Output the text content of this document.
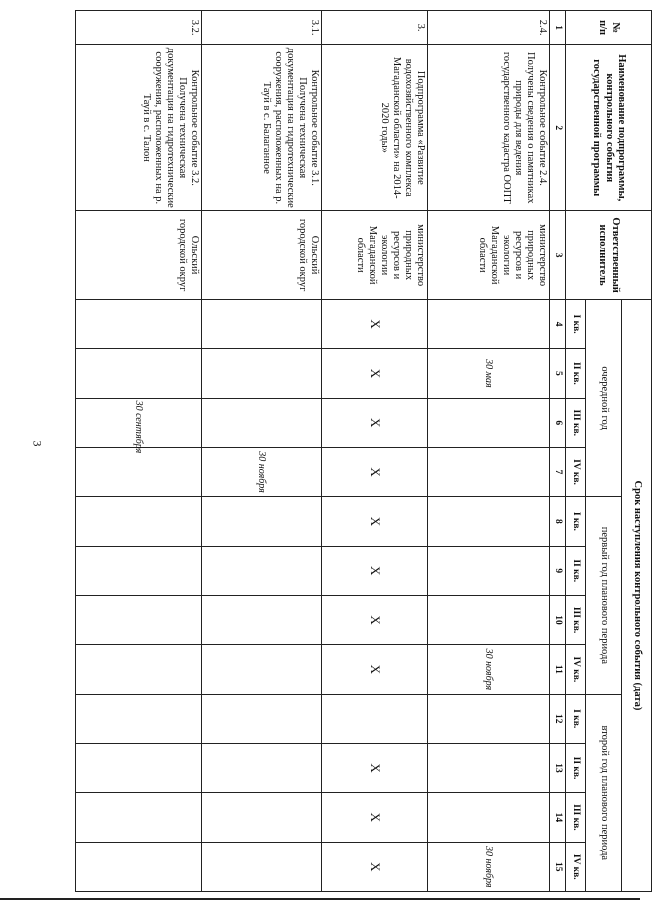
3
№
п/п	Наименование подпрограммы, контрольного события государственной программы	Ответственный исполнитель	Срок наступления контрольного события (дата)											
			очередной год				первый год планового периода				второй год планового периода			
			I кв.	II кв.	III кв.	IV кв.	I кв.	II кв.	III кв.	IV кв.	I кв.	II кв.	III кв.	IV кв.
1	2	3	4	5	6	7	8	9	10	11	12	13	14	15
2.4.	Контрольное событие 2.4. Получены сведения о памятниках природы для ведения государственного кадастра ООПТ	министерство природных ресурсов и экологии Магаданской области		30 мая						30 ноября				30 ноября
3.	Подпрограмма «Развитие водохозяйственного комплекса Магаданской области» на 2014-2020 годы»	министерство природных ресурсов и экологии Магаданской области	X	X	X	X	X	X	X	X		X	X	X
3.1.	Контрольное событие 3.1. Получена техническая документация на гидротехнические сооружения, расположенных на р. Тауй в с. Балаганное	Ольский городской округ				30 ноября								
3.2.	Контрольное событие 3.2. Получена техническая документация на гидротехнические сооружения, расположенных на р. Тауй в с. Талон	Ольский городской округ			30 сентября									
